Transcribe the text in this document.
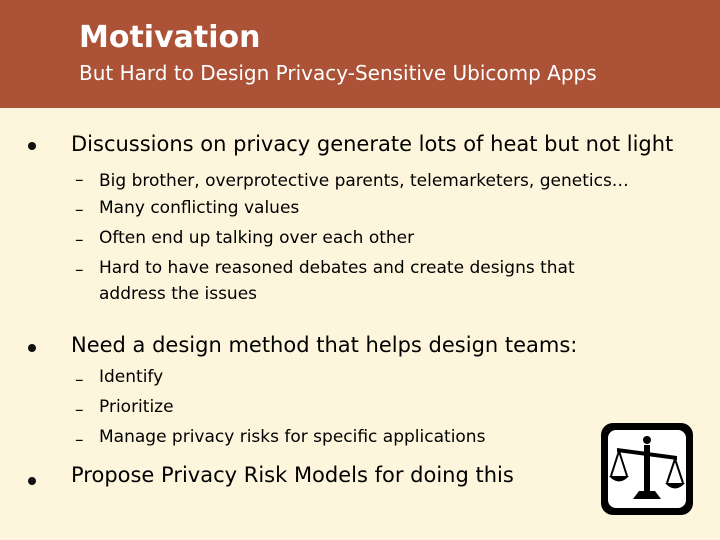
Motivation
But Hard to Design Privacy-Sensitive Ubicomp Apps
Discussions on privacy generate lots of heat but not light
– Big brother, overprotective parents, telemarketers, genetics…
– Many conflicting values
– Often end up talking over each other
– Hard to have reasoned debates and create designs that address the issues
Need a design method that helps design teams:
– Identify
– Prioritize
– Manage privacy risks for specific applications
Propose Privacy Risk Models for doing this
